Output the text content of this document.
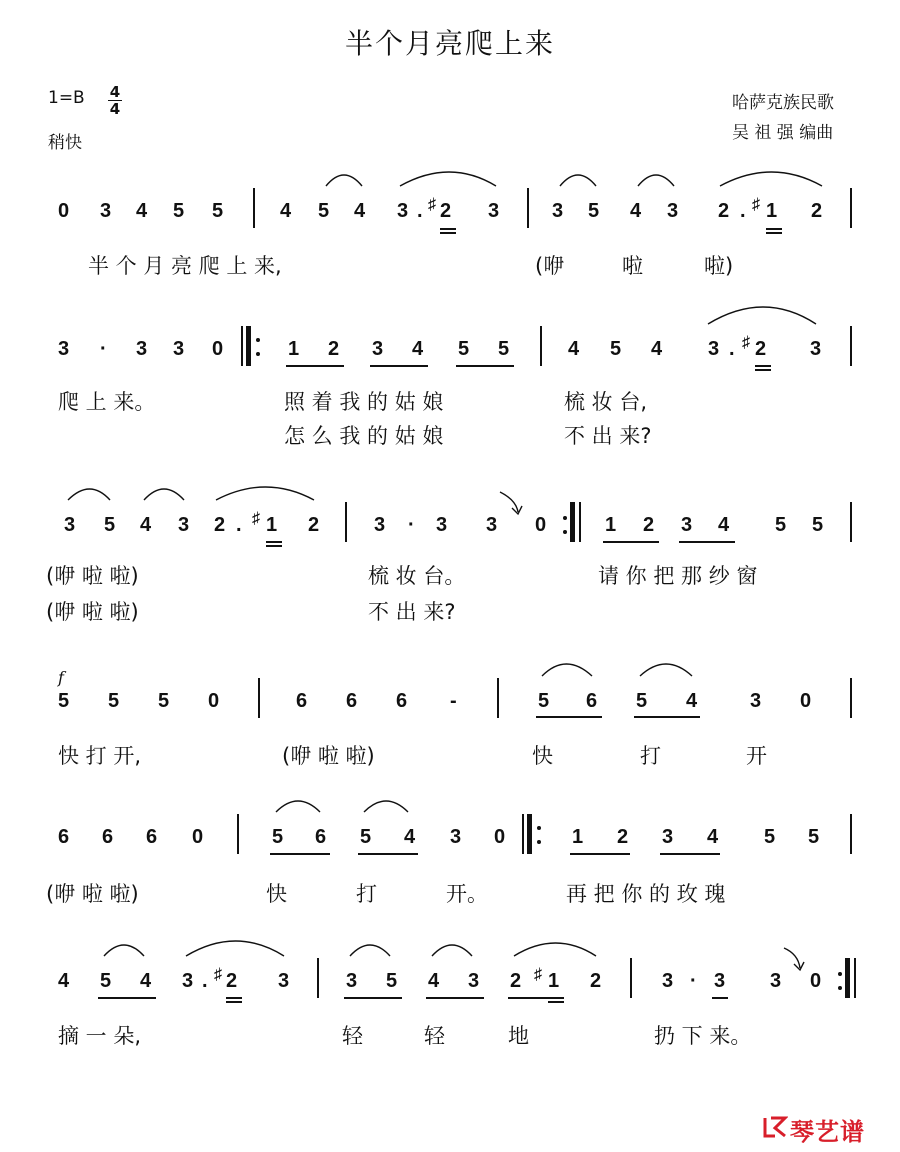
半个月亮爬上来
1=B 4
4
稍快
哈萨克族民歌
吴 祖 强 编曲
0 3 4 5 5	4 5 4 3 . ♯ 2 3	3 5 4 3 2 . ♯ 1 2
半 个 月 亮 爬 上 来,	(咿	啦	啦)
3 · 3 3 0	1 2 3 4 5 5	4 5 4 3 . ♯ 2 3
爬 上 来。	照 着 我 的 姑 娘	梳 妆 台,
怎 么 我 的 姑 娘	不 出 来?
3 5 4 3 2 . ♯ 1 2	3 · 3 3 0	1 2 3 4 5 5
(咿 啦 啦)	梳 妆 台。	请 你 把 那 纱 窗
(咿 啦 啦)	不 出 来?
f
5 5 5 0	6 6 6 -	5 6 5 4	3 0
快 打 开,	(咿 啦 啦)	快	打	开
6 6 6 0	5 6 5 4 3 0	1 2 3 4 5 5
(咿 啦 啦)	快	打	开。	再 把 你 的 玫 瑰
4 5 4 3 . ♯ 2 3	3 5 4 3 2 ♯ 1 2	3 · 3 3 0
摘 一 朵,	轻	轻	地	扔 下 来。
琴艺谱
